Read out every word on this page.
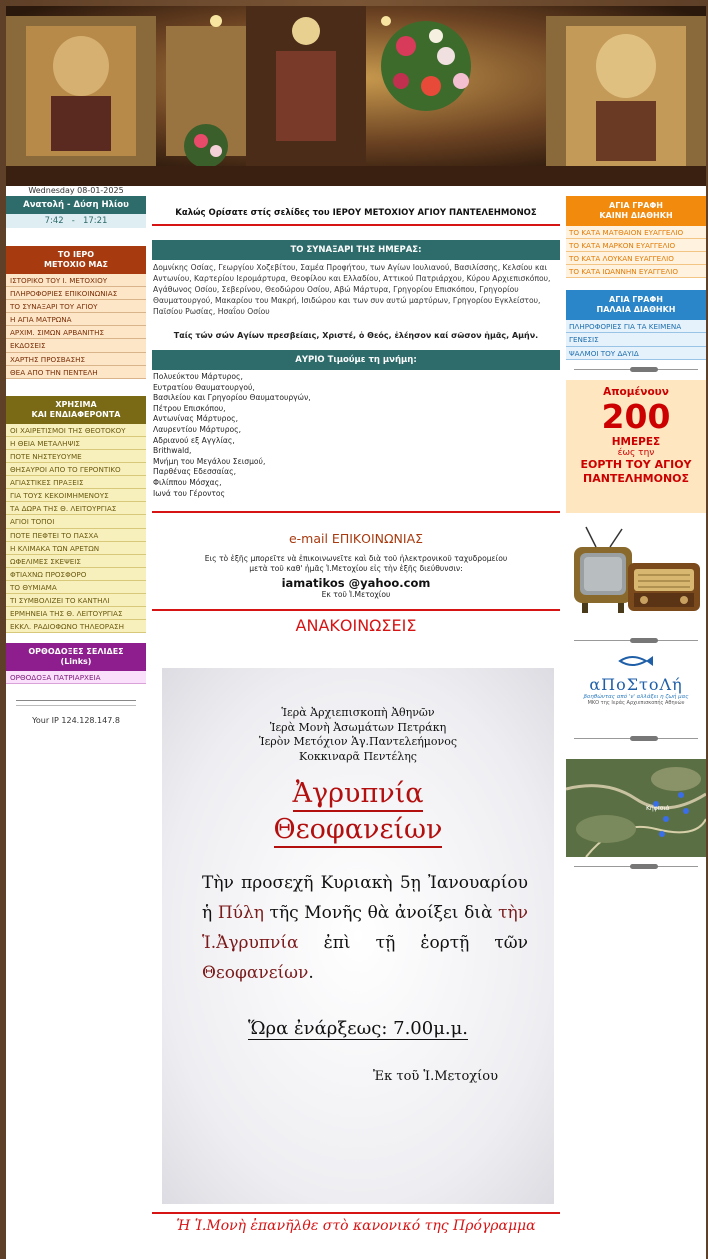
Wednesday 08-01-2025
Ανατολή - Δύση Ηλίου
7:42   -   17:21
ΤΟ ΙΕΡΟ
ΜΕΤΟΧΙΟ ΜΑΣ
ΙΣΤΟΡΙΚΟ ΤΟΥ Ι. ΜΕΤΟΧΙΟΥ
ΠΛΗΡΟΦΟΡΙΕΣ ΕΠΙΚΟΙΝΩΝΙΑΣ
ΤΟ ΣΥΝΑΞΑΡΙ ΤΟΥ ΑΓΙΟΥ
Η ΑΓΙΑ ΜΑΤΡΩΝΑ
ΑΡΧΙΜ. ΣΙΜΩΝ ΑΡΒΑΝΙΤΗΣ
ΕΚΔΟΣΕΙΣ
ΧΑΡΤΗΣ ΠΡΟΣΒΑΣΗΣ
ΘΕΑ ΑΠΟ ΤΗΝ ΠΕΝΤΕΛΗ
ΧΡΗΣΙΜΑ
ΚΑΙ ΕΝΔΙΑΦΕΡΟΝΤΑ
ΟΙ ΧΑΙΡΕΤΙΣΜΟΙ ΤΗΣ ΘΕΟΤΟΚΟΥ
Η ΘΕΙΑ ΜΕΤΑΛΗΨΙΣ
ΠΟΤΕ ΝΗΣΤΕΥΟΥΜΕ
ΘΗΣΑΥΡΟΙ ΑΠΟ ΤΟ ΓΕΡΟΝΤΙΚΟ
ΑΓΙΑΣΤΙΚΕΣ ΠΡΑΞΕΙΣ
ΓΙΑ ΤΟΥΣ ΚΕΚΟΙΜΗΜΕΝΟΥΣ
ΤΑ ΔΩΡΑ ΤΗΣ Θ. ΛΕΙΤΟΥΡΓΙΑΣ
ΑΓΙΟΙ ΤΟΠΟΙ
ΠΟΤΕ ΠΕΦΤΕΙ ΤΟ ΠΑΣΧΑ
Η ΚΛΙΜΑΚΑ ΤΩΝ ΑΡΕΤΩΝ
ΩΦΕΛΙΜΕΣ ΣΚΕΨΕΙΣ
ΦΤΙΑΧΝΩ ΠΡΟΣΦΟΡΟ
ΤΟ ΘΥΜΙΑΜΑ
ΤΙ ΣΥΜΒΟΛΙΖΕΙ ΤΟ ΚΑΝΤΗΛΙ
ΕΡΜΗΝΕΙΑ ΤΗΣ Θ. ΛΕΙΤΟΥΡΓΙΑΣ
ΕΚΚΛ. ΡΑΔΙΟΦΩΝΟ ΤΗΛΕΟΡΑΣΗ
ΟΡΘΟΔΟΞΕΣ ΣΕΛΙΔΕΣ
(Links)
ΟΡΘΟΔΟΞΑ ΠΑΤΡΙΑΡΧΕΙΑ
Your IP 124.128.147.8
Καλώς Ορίσατε στίς σελίδες του ΙΕΡΟΥ ΜΕΤΟΧΙΟΥ ΑΓΙΟΥ ΠΑΝΤΕΛΕΗΜΟΝΟΣ
ΤΟ ΣΥΝΑΞΑΡΙ ΤΗΣ ΗΜΕΡΑΣ:
Δομνίκης Οσίας, Γεωργίου Χοζεβίτου, Σαμέα Προφήτου, των Αγίων Ιουλιανού, Βασιλίσσης, Κελσίου και Αντωνίου, Καρτερίου Ιερομάρτυρα, Θεοφίλου και Ελλαδίου, Αττικού Πατριάρχου, Κύρου Αρχιεπισκόπου, Αγάθωνος Οσίου, Σεβερίνου, Θεοδώρου Οσίου, Αβώ Μάρτυρα, Γρηγορίου Επισκόπου, Γρηγορίου Θαυματουργού, Μακαρίου του Μακρή, Ισιδώρου και των συν αυτώ μαρτύρων, Γρηγορίου Εγκλείστου, Παϊσίου Ρωσίας, Ησαΐου Οσίου
Ταίς τών σών Αγίων πρεσβείαις, Χριστέ, ὁ Θεός, ἐλέησον καί σῶσον ἡμᾶς, Αμήν.
ΑΥΡΙΟ Τιμούμε τη μνήμη:
Πολυεύκτου Μάρτυρος,
Ευτρατίου Θαυματουργού,
Βασιλείου και Γρηγορίου Θαυματουργών,
Πέτρου Επισκόπου,
Αντωνίνας Μάρτυρος,
Λαυρεντίου Μάρτυρος,
Αδριανού εξ Αγγλίας,
Brithwald,
Μνήμη του Μεγάλου Σεισμού,
Παρθένας Εδεσσαίας,
Φιλίππου Μόσχας,
Ιωνά του Γέροντος
e-mail ΕΠΙΚΟΙΝΩΝΙΑΣ
Εις τὸ ἑξῆς μπορεῖτε νὰ ἐπικοινωνεῖτε καὶ διὰ τοῦ ἠλεκτρονικοῦ ταχυδρομείου
μετὰ τοῦ καθ' ἡμᾶς Ἱ.Μετοχίου εἰς τὴν ἑξῆς διεύθυνσιν:
iamatikos @yahoo.com
Εκ τοῦ Ἱ.Μετοχίου
ΑΝΑΚΟΙΝΩΣΕΙΣ
Ἱερὰ Ἀρχιεπισκοπὴ Ἀθηνῶν
Ἱερὰ Μονὴ Ἀσωμάτων Πετράκη
Ἱερὸν Μετόχιον Ἁγ.Παντελεήμονος
Κοκκιναρᾶ Πεντέλης
Ἀγρυπνία
Θεοφανείων
Τὴν προσεχῆ Κυριακὴ 5ῃ Ἰανουαρίου ἡ Πύλη τῆς Μονῆς θὰ ἀνοίξει διὰ τὴν Ἱ.Ἀγρυπνία ἐπὶ τῇ ἑορτῇ τῶν Θεοφανείων.
Ὥρα ἐνάρξεως: 7.00μ.μ.
Ἐκ τοῦ Ἱ.Μετοχίου
Ἡ Ἱ.Μονὴ ἐπανῆλθε στὸ κανονικό της Πρόγραμμα
ΑΓΙΑ ΓΡΑΦΗ
ΚΑΙΝΗ ΔΙΑΘΗΚΗ
ΤΟ ΚΑΤΑ ΜΑΤΘΑΙΟΝ ΕΥΑΓΓΕΛΙΟ
ΤΟ ΚΑΤΑ ΜΑΡΚΟΝ ΕΥΑΓΓΕΛΙΟ
ΤΟ ΚΑΤΑ ΛΟΥΚΑΝ ΕΥΑΓΓΕΛΙΟ
ΤΟ ΚΑΤΑ ΙΩΑΝΝΗΝ ΕΥΑΓΓΕΛΙΟ
ΑΓΙΑ ΓΡΑΦΗ
ΠΑΛΑΙΑ ΔΙΑΘΗΚΗ
ΠΛΗΡΟΦΟΡΙΕΣ ΓΙΑ ΤΑ ΚΕΙΜΕΝΑ
ΓΕΝΕΣΙΣ
ΨΑΛΜΟΙ ΤΟΥ ΔΑΥΙΔ
Απομένουν
200
ΗΜΕΡΕΣ
έως την
ΕΟΡΤΗ ΤΟΥ ΑΓΙΟΥ
ΠΑΝΤΕΛΗΜΟΝΟΣ
αΠοΣτοΛή
βοηθώντας από 'ν' αλλάξει η ζωή μας
ΜΚΟ της Ιεράς Αρχιεπισκοπής Αθηνών
Κηφισιά
